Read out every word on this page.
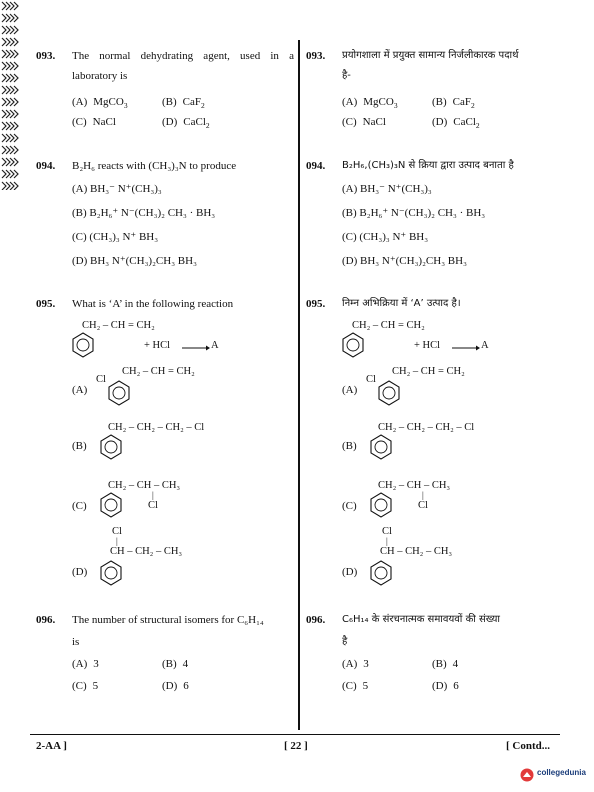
093. The normal dehydrating agent, used in a
laboratory is
(A) MgCO$_3$	(B) CaF$_2$
(C) NaCl	(D) CaCl$_2$
094. B₂H₆ reacts with (CH₃)₃N to produce
(A) BH₃⁻ N⁺(CH₃)₃
(B) B₂H₆⁺ N⁻(CH₃)₂ CH₃ · BH₃
(C) (CH₃)₃ N⁺ BH₃
(D) BH₃ N⁺(CH₃)₂CH₃ BH₃
095. What is ‘A’ in the following reaction
CH₂ – CH = CH₂
+ HCl	A
CH₂ – CH = CH₂
Cl
(A)
CH₂ – CH₂ – CH₂ – Cl
(B)
CH₂ – CH – CH₃
|
Cl
(C)
Cl
|
CH – CH₂ – CH₃
(D)
096. The number of structural isomers for C₆H₁₄
is
(A) 3	(B) 4
(C) 5	(D) 6
093. प्रयोगशाला में प्रयुक्त सामान्य निर्जलीकारक पदार्थ
है-
(A) MgCO$_3$	(B) CaF$_2$
(C) NaCl	(D) CaCl$_2$
094. B₂H₆,(CH₃)₃N से क्रिया द्वारा उत्पाद बनाता है
(A) BH₃⁻ N⁺(CH₃)₃
(B) B₂H₆⁺ N⁻(CH₃)₂ CH₃ · BH₃
(C) (CH₃)₃ N⁺ BH₃
(D) BH₃ N⁺(CH₃)₂CH₃ BH₃
095. निम्न अभिक्रिया में ‘A’ उत्पाद है।
CH₂ – CH = CH₂
+ HCl	A
CH₂ – CH = CH₂
Cl
(A)
CH₂ – CH₂ – CH₂ – Cl
(B)
CH₂ – CH – CH₃
|
Cl
(C)
Cl
|
CH – CH₂ – CH₃
(D)
096. C₆H₁₄ के संरचनात्मक समावयवों की संख्या
है
(A) 3	(B) 4
(C) 5	(D) 6
2-AA ]	[ 22 ]	[ Contd...
collegedunia
